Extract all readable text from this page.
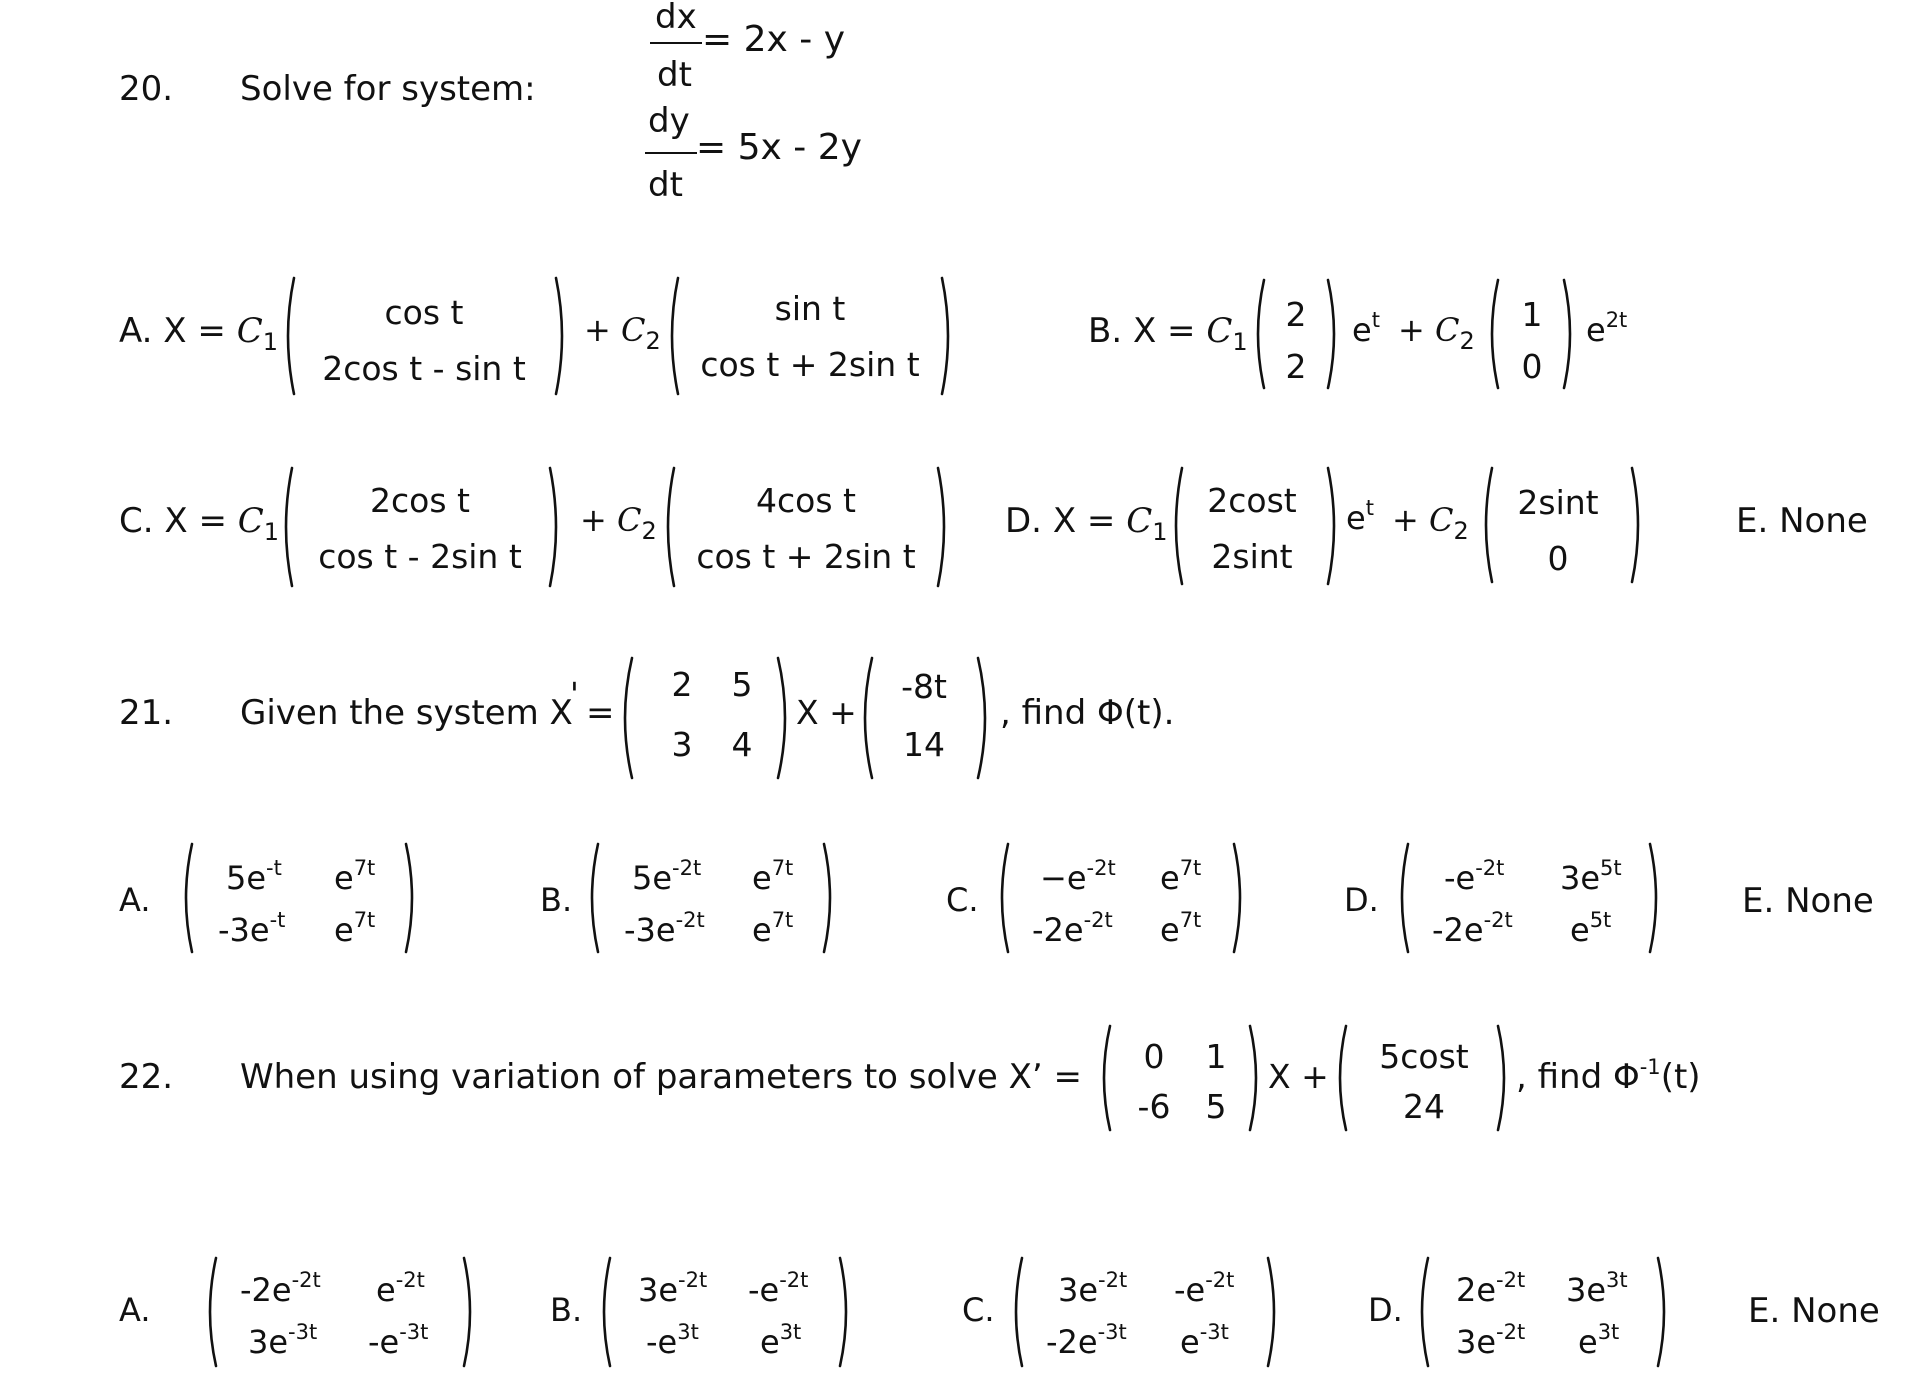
20. Solve for system:
dx
dt
= 2x - y
dy
dt
= 5x - 2y
A. $X = C_1$
cos t
2cos t - sin t
+ $C_2$
sin t
cos t + 2sin t
B. $X = C_1$
2
2
$e^t + C_2$
1
0
$e^{2t}$
C. $X = C_1$
2cos t
cos t - 2sin t
+ $C_2$
4cos t
cos t + 2sin t
D. $X = C_1$
2cost
2sint
$e^t + C_2$
2sint
0
E. None
21. Given the system X
' =
2 5
3 4
X +
-8t
14
, find Φ(t).
A.
$5e^{-t}$ $e^{7t}$
$-3e^{-t}$ $e^{7t}$
B.
$5e^{-2t}$ $e^{7t}$
$-3e^{-2t}$ $e^{7t}$
C.
$-e^{-2t}$ $e^{7t}$
$-2e^{-2t}$ $e^{7t}$
D.
$-e^{-2t}$ $3e^{5t}$
$-2e^{-2t}$ $e^{5t}$	E. None
22. When using variation of parameters to solve X’ =
0 1
-6 5
X +
5cost
24
, find $\Phi^{-1}(t)$
A.
$-2e^{-2t}$ $e^{-2t}$
$3e^{-3t}$ $-e^{-3t}$
B.
$3e^{-2t}$ $-e^{-2t}$
$-e^{3t}$ $e^{3t}$
C.
$3e^{-2t}$ $-e^{-2t}$
$-2e^{-3t}$ $e^{-3t}$
D.
$2e^{-2t}$ $3e^{3t}$
$3e^{-2t}$ $e^{3t}$
E. None
